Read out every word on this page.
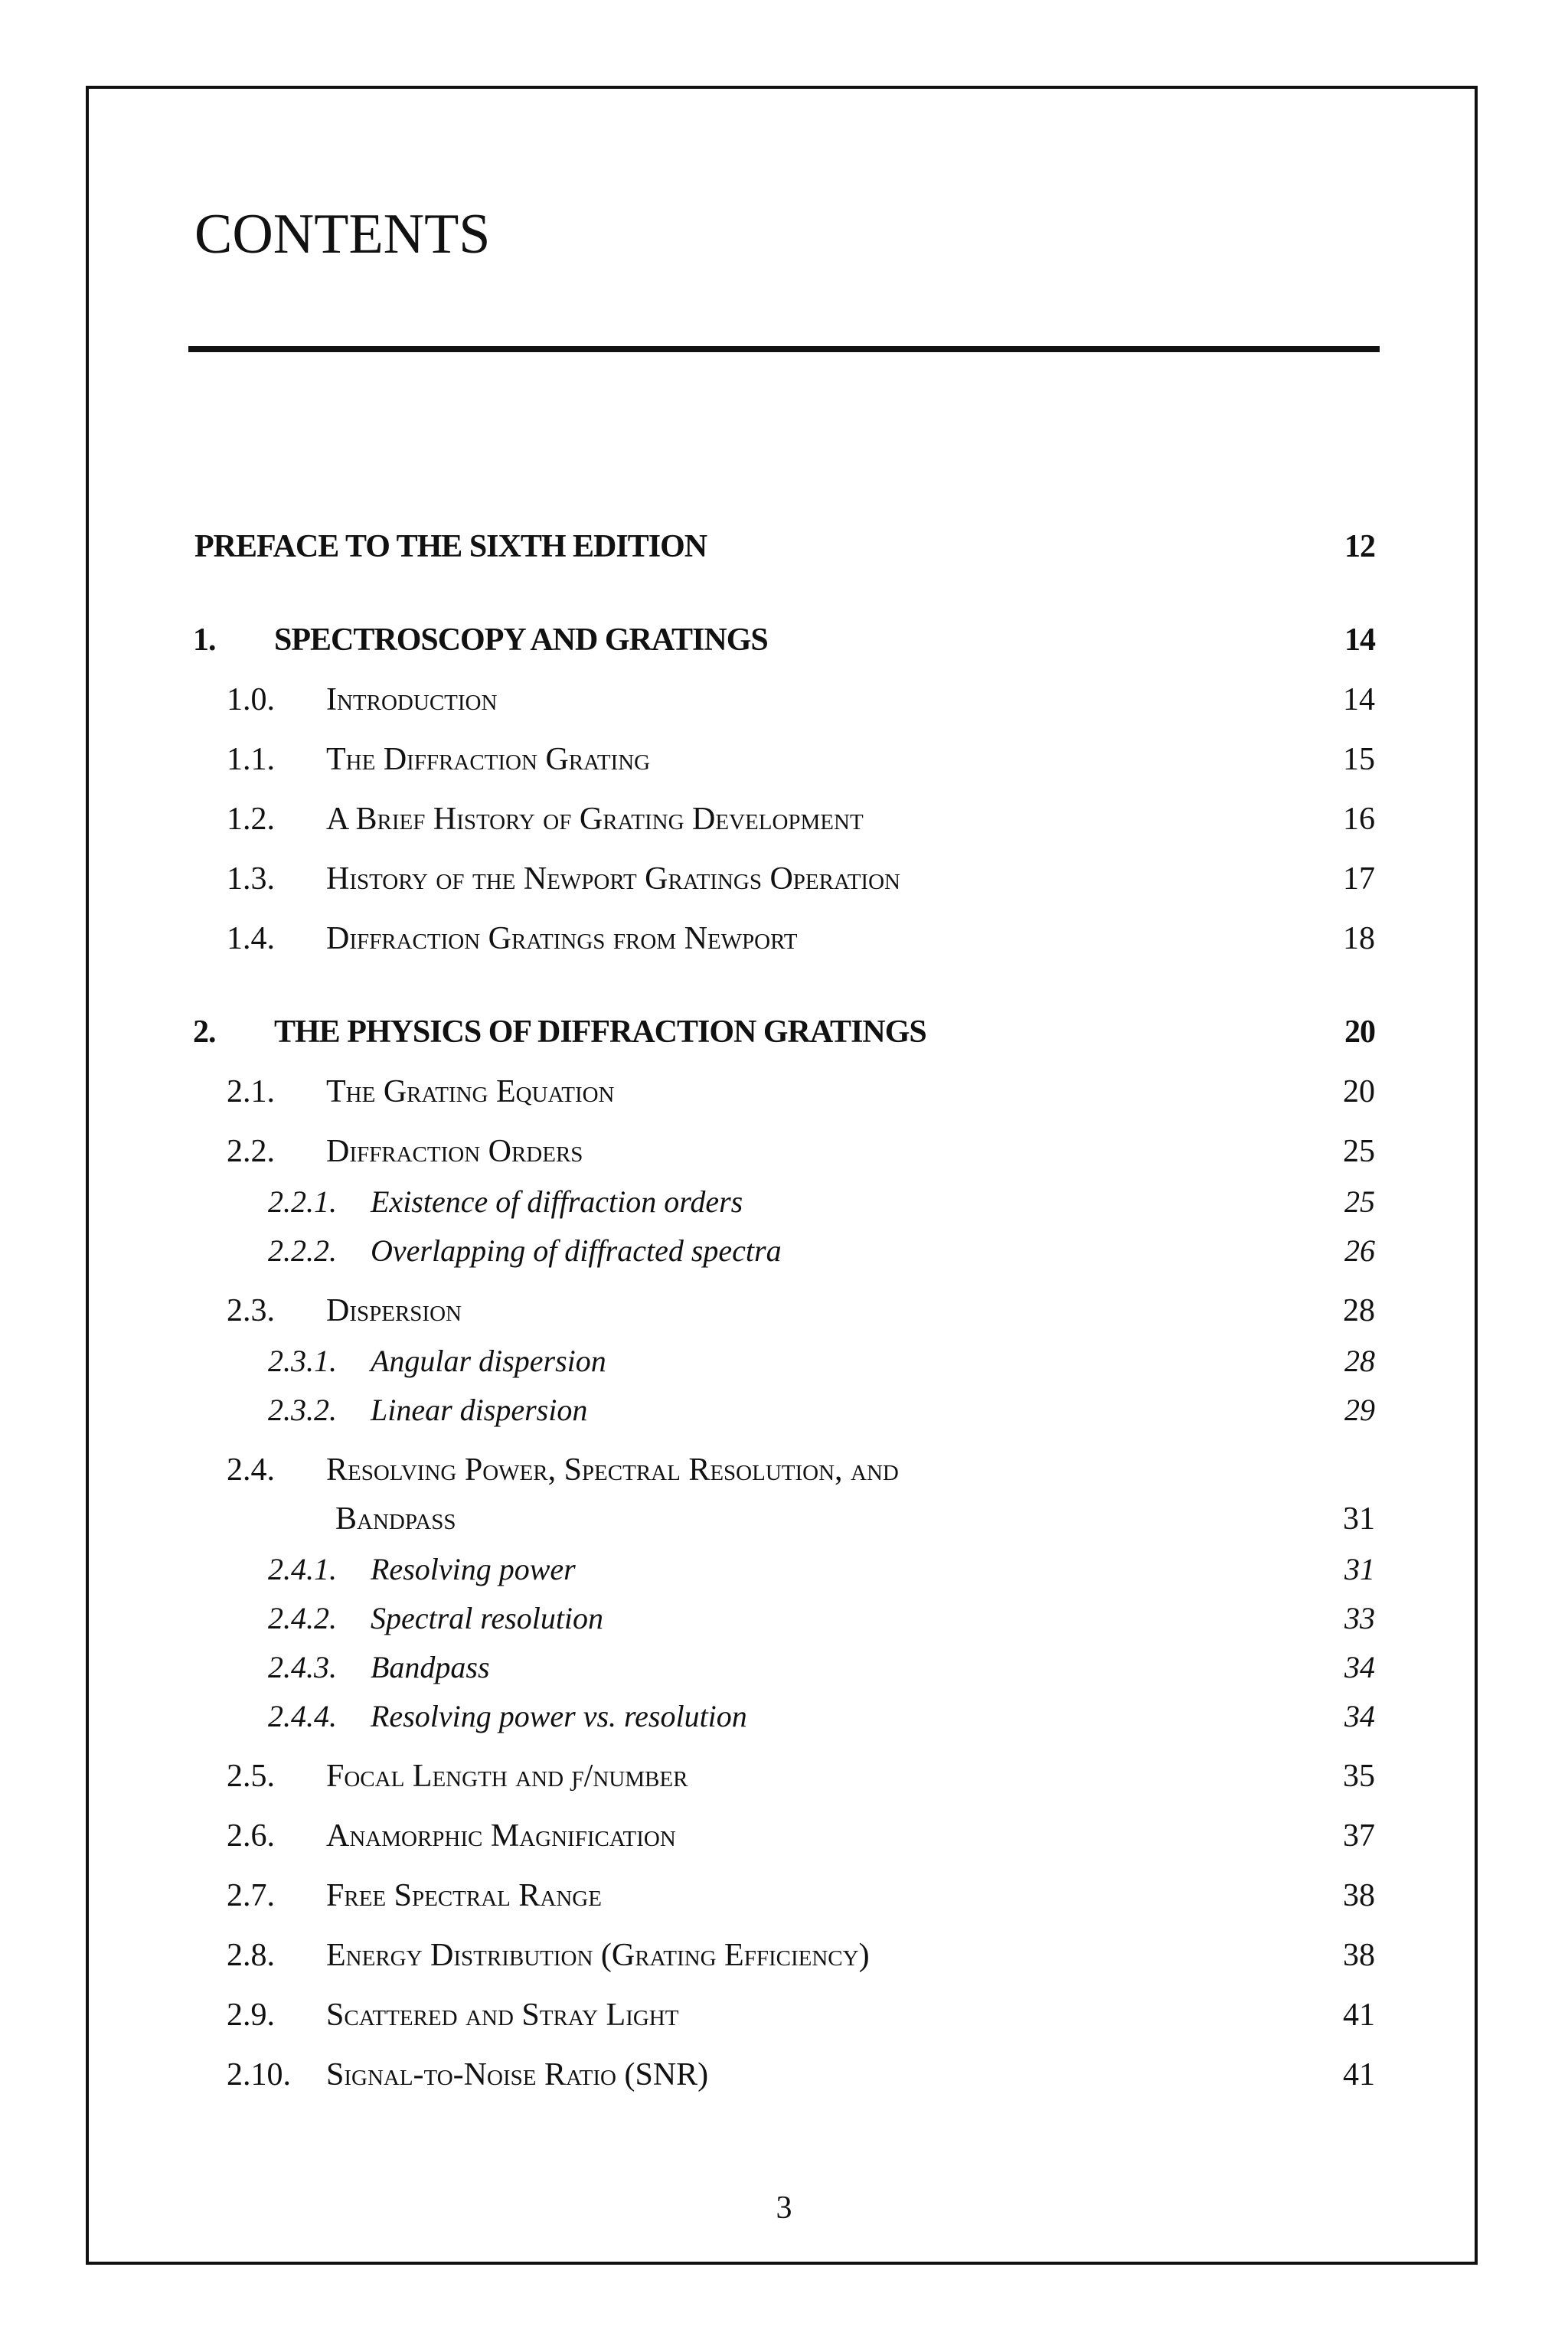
CONTENTS
PREFACE TO THE SIXTH EDITION	12
1. SPECTROSCOPY AND GRATINGS	14
1.0. Introduction	14
1.1. The Diffraction Grating	15
1.2. A Brief History of Grating Development	16
1.3. History of the Newport Gratings Operation	17
1.4. Diffraction Gratings from Newport	18
2. THE PHYSICS OF DIFFRACTION GRATINGS	20
2.1. The Grating Equation	20
2.2. Diffraction Orders	25
2.2.1. Existence of diffraction orders	25
2.2.2. Overlapping of diffracted spectra	26
2.3. Dispersion	28
2.3.1. Angular dispersion	28
2.3.2. Linear dispersion	29
2.4. Resolving Power, Spectral Resolution, and
Bandpass	31
2.4.1. Resolving power	31
2.4.2. Spectral resolution	33
2.4.3. Bandpass	34
2.4.4. Resolving power vs. resolution	34
2.5. Focal Length and ƒ/number	35
2.6. Anamorphic Magnification	37
2.7. Free Spectral Range	38
2.8. Energy Distribution (Grating Efficiency)	38
2.9. Scattered and Stray Light	41
2.10. Signal-to-Noise Ratio (SNR)	41
3
